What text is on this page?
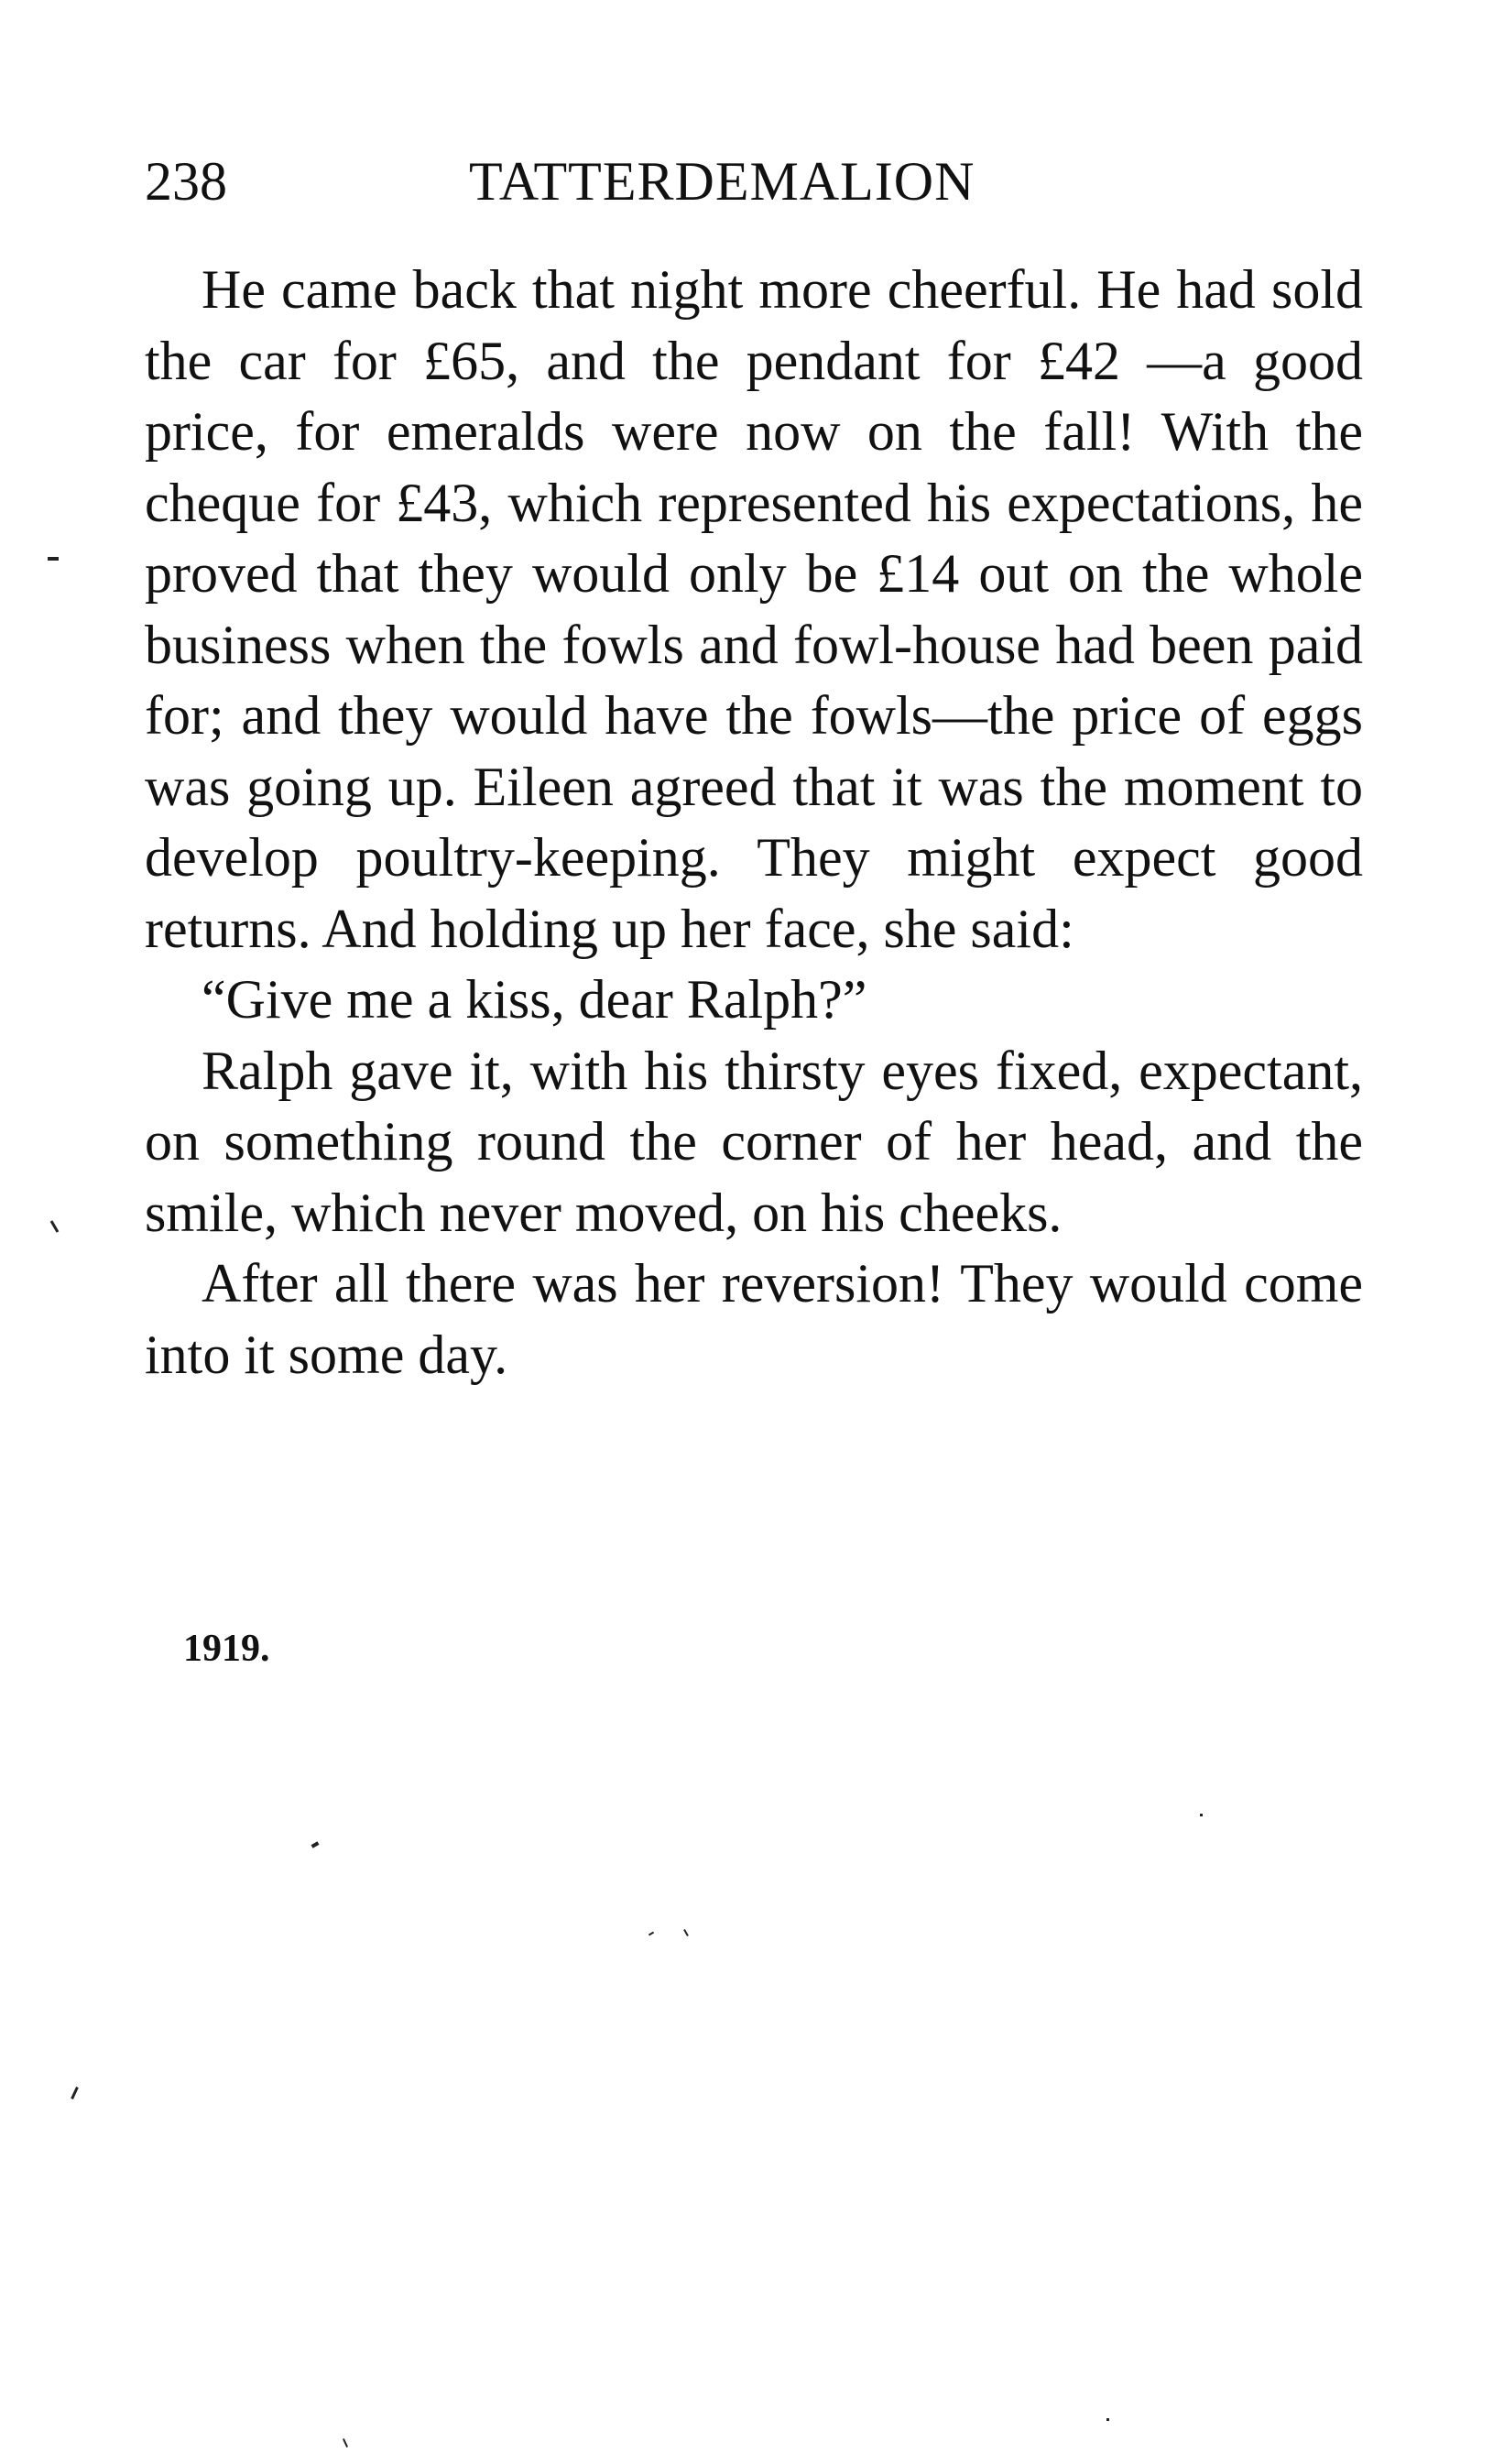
238	TATTERDEMALION

He came back that night more cheerful. He had sold the car for £65, and the pendant for £42 —a good price, for emeralds were now on the fall! With the cheque for £43, which represented his expectations, he proved that they would only be £14 out on the whole business when the fowls and fowl-house had been paid for; and they would have the fowls—the price of eggs was going up. Eileen agreed that it was the moment to develop poultry-keeping. They might expect good returns. And holding up her face, she said:

“Give me a kiss, dear Ralph?”

Ralph gave it, with his thirsty eyes fixed, expectant, on something round the corner of her head, and the smile, which never moved, on his cheeks.

After all there was her reversion! They would come into it some day.

1919.
